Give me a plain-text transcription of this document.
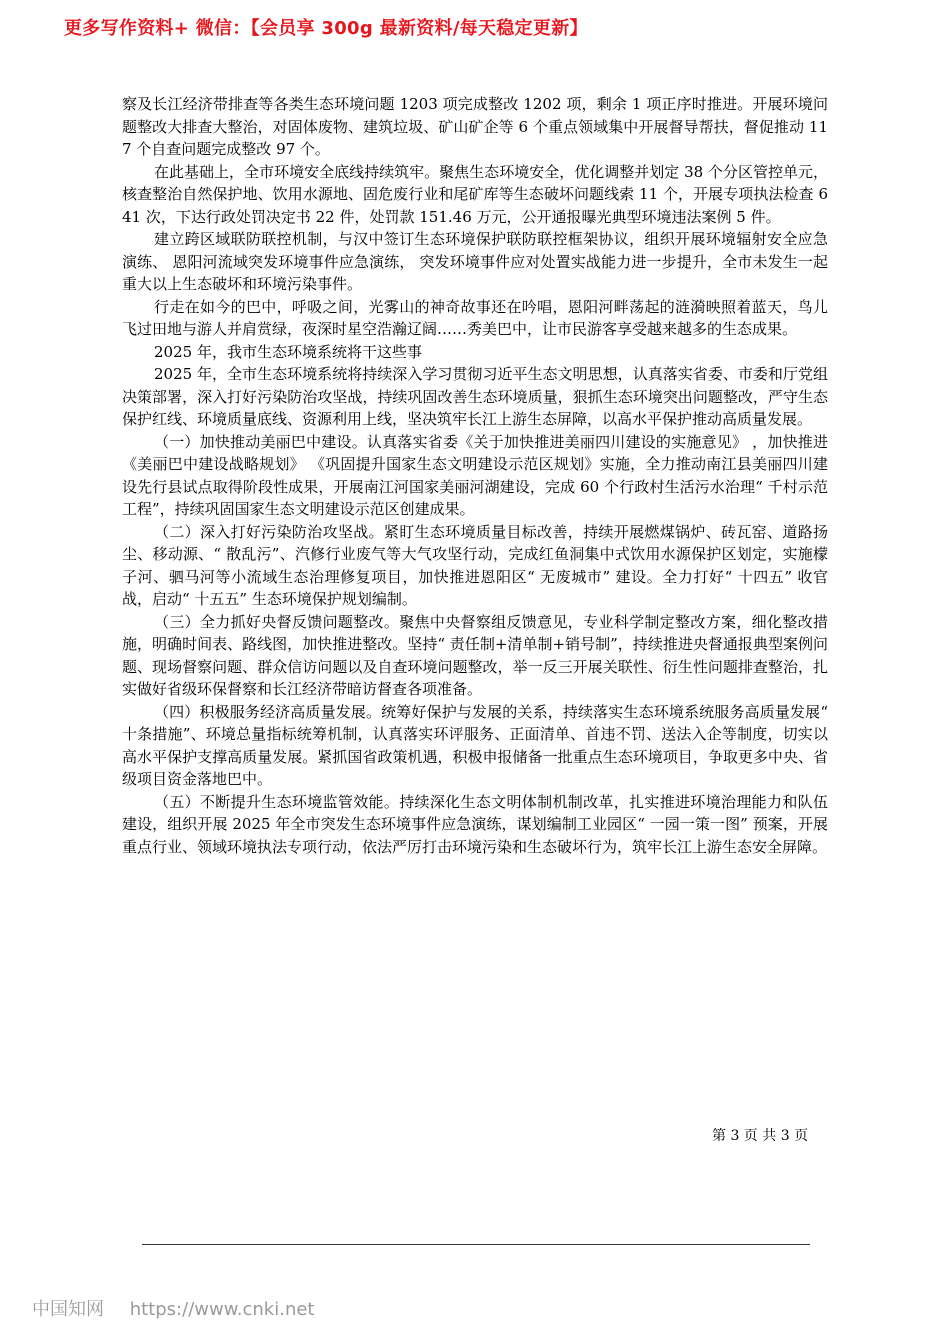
更多写作资料+ 微信：【会员享 300g 最新资料/每天稳定更新】

察及长江经济带排查等各类生态环境问题 1203 项完成整改 1202 项，剩余 1 项正序时推进。开展环境问题整改大排查大整治，对固体废物、建筑垃圾、矿山矿企等 6 个重点领域集中开展督导帮扶，督促推动 117 个自查问题完成整改 97 个。

在此基础上，全市环境安全底线持续筑牢。聚焦生态环境安全，优化调整并划定 38 个分区管控单元，核查整治自然保护地、饮用水源地、固危废行业和尾矿库等生态破坏问题线索 11 个，开展专项执法检查 641 次，下达行政处罚决定书 22 件，处罚款 151.46 万元，公开通报曝光典型环境违法案例 5 件。

建立跨区域联防联控机制，与汉中签订生态环境保护联防联控框架协议，组织开展环境辐射安全应急演练、 恩阳河流域突发环境事件应急演练， 突发环境事件应对处置实战能力进一步提升，全市未发生一起重大以上生态破坏和环境污染事件。

行走在如今的巴中，呼吸之间，光雾山的神奇故事还在吟唱，恩阳河畔荡起的涟漪映照着蓝天，鸟儿飞过田地与游人并肩赏绿，夜深时星空浩瀚辽阔……秀美巴中，让市民游客享受越来越多的生态成果。

2025 年，我市生态环境系统将干这些事

2025 年，全市生态环境系统将持续深入学习贯彻习近平生态文明思想，认真落实省委、市委和厅党组决策部署，深入打好污染防治攻坚战，持续巩固改善生态环境质量，狠抓生态环境突出问题整改，严守生态保护红线、环境质量底线、资源利用上线，坚决筑牢长江上游生态屏障，以高水平保护推动高质量发展。

（一）加快推动美丽巴中建设。认真落实省委《关于加快推进美丽四川建设的实施意见》 ，加快推进《美丽巴中建设战略规划》 《巩固提升国家生态文明建设示范区规划》实施，全力推动南江县美丽四川建设先行县试点取得阶段性成果，开展南江河国家美丽河湖建设，完成 60 个行政村生活污水治理“ 千村示范工程”，持续巩固国家生态文明建设示范区创建成果。

（二）深入打好污染防治攻坚战。紧盯生态环境质量目标改善，持续开展燃煤锅炉、砖瓦窑、道路扬尘、移动源、“ 散乱污”、汽修行业废气等大气攻坚行动，完成红鱼洞集中式饮用水源保护区划定，实施檬子河、驷马河等小流域生态治理修复项目，加快推进恩阳区“ 无废城市” 建设。全力打好“ 十四五” 收官战，启动“ 十五五” 生态环境保护规划编制。

（三）全力抓好央督反馈问题整改。聚焦中央督察组反馈意见，专业科学制定整改方案，细化整改措施，明确时间表、路线图，加快推进整改。坚持“ 责任制+清单制+销号制”，持续推进央督通报典型案例问题、现场督察问题、群众信访问题以及自查环境问题整改，举一反三开展关联性、衍生性问题排查整治，扎实做好省级环保督察和长江经济带暗访督查各项准备。

（四）积极服务经济高质量发展。统筹好保护与发展的关系，持续落实生态环境系统服务高质量发展“ 十条措施”、环境总量指标统筹机制，认真落实环评服务、正面清单、首违不罚、送法入企等制度，切实以高水平保护支撑高质量发展。紧抓国省政策机遇，积极申报储备一批重点生态环境项目，争取更多中央、省级项目资金落地巴中。

（五）不断提升生态环境监管效能。持续深化生态文明体制机制改革，扎实推进环境治理能力和队伍建设，组织开展 2025 年全市突发生态环境事件应急演练，谋划编制工业园区“ 一园一策一图” 预案，开展重点行业、领域环境执法专项行动，依法严厉打击环境污染和生态破坏行为，筑牢长江上游生态安全屏障。

第 3 页 共 3 页
中国知网 https://www.cnki.net
